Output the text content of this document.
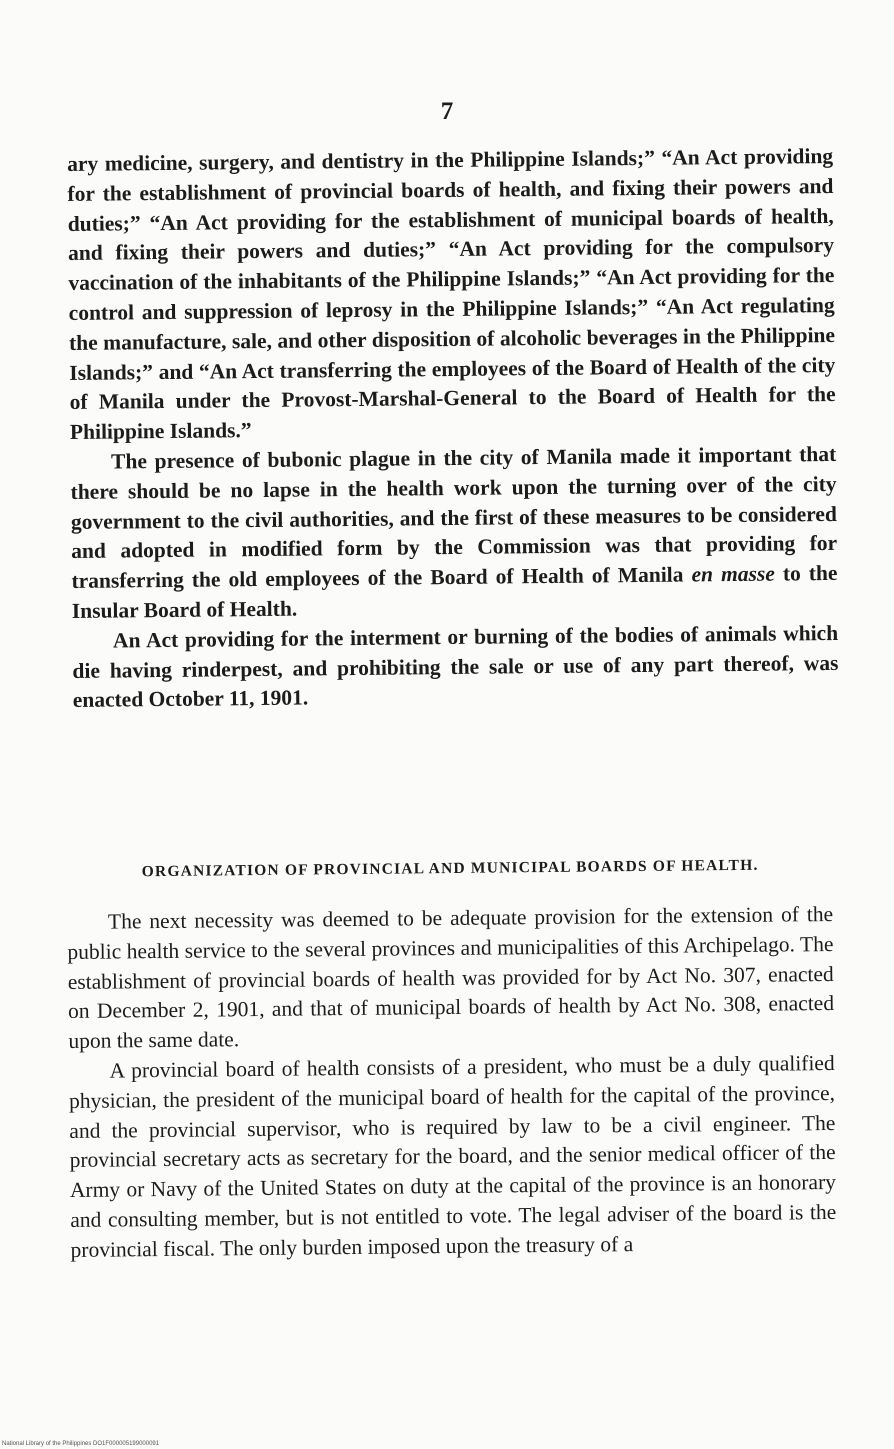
7

ary medicine, surgery, and dentistry in the Philippine Islands;” “An Act providing for the establishment of provincial boards of health, and fixing their powers and duties;” “An Act providing for the establishment of municipal boards of health, and fixing their powers and duties;” “An Act providing for the compulsory vaccination of the inhabitants of the Philippine Islands;” “An Act providing for the control and suppression of leprosy in the Philippine Islands;” “An Act regulating the manufacture, sale, and other disposition of alcoholic beverages in the Philippine Islands;” and “An Act transferring the employees of the Board of Health of the city of Manila under the Provost-Marshal-General to the Board of Health for the Philippine Islands.”

The presence of bubonic plague in the city of Manila made it important that there should be no lapse in the health work upon the turning over of the city government to the civil authorities, and the first of these measures to be considered and adopted in modified form by the Commission was that providing for transferring the old employees of the Board of Health of Manila en masse to the Insular Board of Health.

An Act providing for the interment or burning of the bodies of animals which die having rinderpest, and prohibiting the sale or use of any part thereof, was enacted October 11, 1901.

ORGANIZATION OF PROVINCIAL AND MUNICIPAL BOARDS OF HEALTH.

The next necessity was deemed to be adequate provision for the extension of the public health service to the several provinces and municipalities of this Archipelago. The establishment of provincial boards of health was provided for by Act No. 307, enacted on December 2, 1901, and that of municipal boards of health by Act No. 308, enacted upon the same date.

A provincial board of health consists of a president, who must be a duly qualified physician, the president of the municipal board of health for the capital of the province, and the provincial supervisor, who is required by law to be a civil engineer. The provincial secretary acts as secretary for the board, and the senior medical officer of the Army or Navy of the United States on duty at the capital of the province is an honorary and consulting member, but is not entitled to vote. The legal adviser of the board is the provincial fiscal. The only burden imposed upon the treasury of a

National Library of the Philippines DO1F000005199000091
